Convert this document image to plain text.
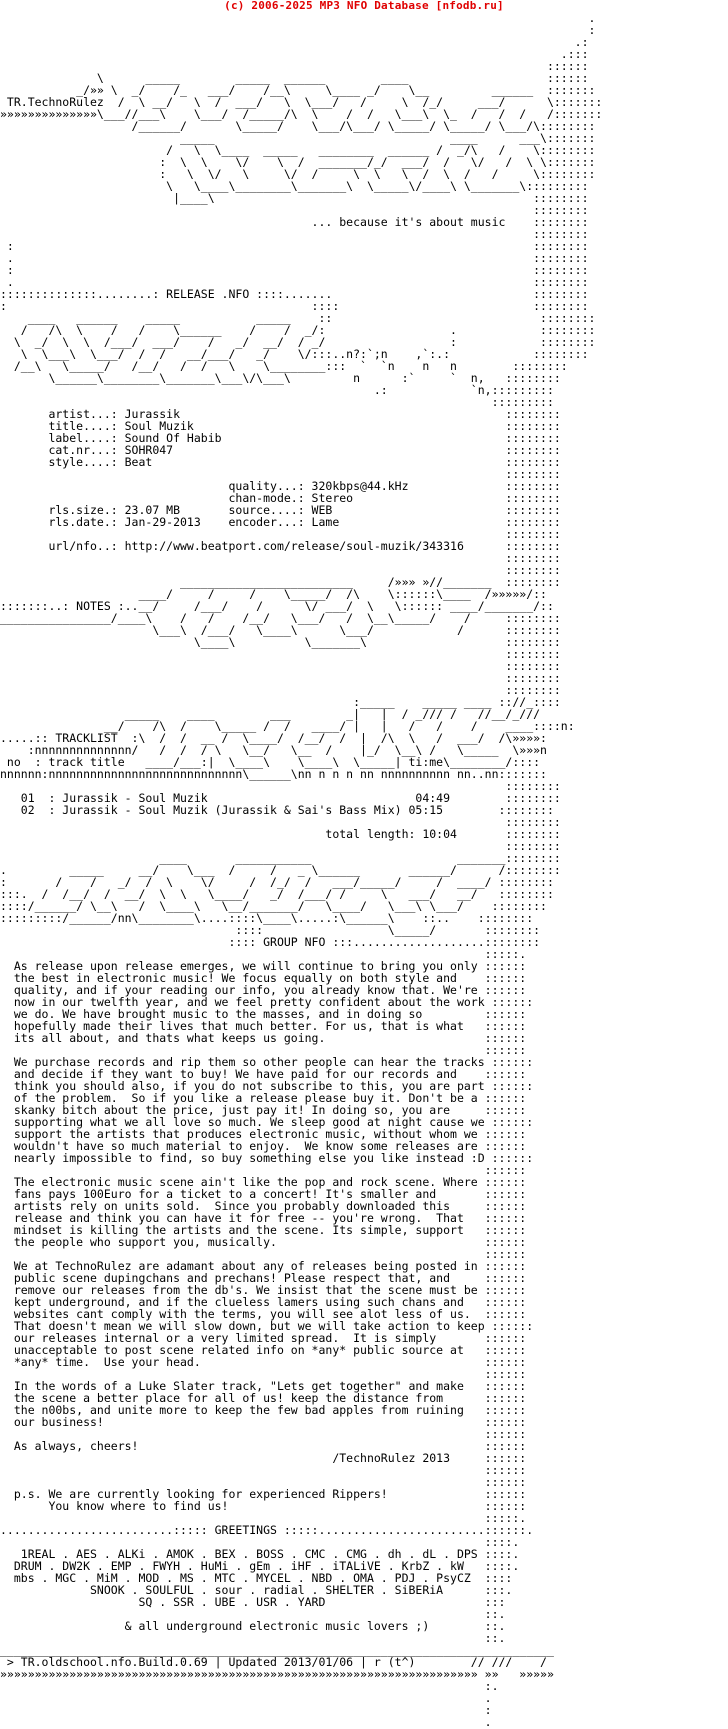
(c) 2006-2025 MP3 NFO Database [nfodb.ru]
.
:
.:
.:::
::::::
\      _____        _____  ______        ____                    ::::::
_/»» \  _/    /_   ___/    /__\     \____ _/    \__         ______  :::::::
TR.TechnoRulez  /  \ __/   \  /  ___/   \  \___/   /     \  /_/     ___/      \:::::::
»»»»»»»»»»»»»»\___//___\    \___/  /_____/\  \    /  /   \___\  \_  /   /  /   /:::::::
/______/       \_____/    \___/\___/ \_____/ \_____/ \___/\::::::::
_____                                  ____      ___\:::::::
/   \  \____  _____   ________  ______ /  _/\   /    \::::::::
:  \  \    \/    \  /  _______/_/  ___/  /   \/   /  \ \:::::::
:   \  \/   \     \/  /     \  \   \  /  \  /   /     \::::::::
\   \____\________\_______\  \_____\/____\ \_______\:::::::::
|____\                                              ::::::::
::::::::
... because it's about music    ::::::::
::::::::
:                                                                           ::::::::
.                                                                           ::::::::
:                                                                           ::::::::
.                                                                           ::::::::
::::::::::::::........: RELEASE .NFO ::::.......                             ::::::::
:                                            ::::                            ::::::::
____   ______    _____           _____    ::                              ::::::::
/   /\  \    /   /    \______    /    /  _/:                  .            ::::::::
\  _/  \  \  /___/  ___/    /   _/  __/  / _/                  :            ::::::::
\  \___\  \___/  /  /   __/___/   _/    \/:::..n?:`;n    ,`:.:            ::::::::
/__\   \_____/   /__/   /  /   \    \________:::  `  `n    n   n        ::::::::
\______\________\_______\___\/\___\         n      :`     `  n,   ::::::::
.:            `n,:::::::::
:::::::::
artist...: Jurassik                                               ::::::::
title....: Soul Muzik                                             ::::::::
label....: Sound Of Habib                                         ::::::::
cat.nr...: SOHR047                                                ::::::::
style....: Beat                                                   ::::::::
::::::::
quality...: 320kbps@44.kHz              ::::::::
chan-mode.: Stereo                      ::::::::
rls.size.: 23.07 MB       source....: WEB                         ::::::::
rls.date.: Jan-29-2013    encoder...: Lame                        ::::::::
::::::::
url/nfo..: http://www.beatport.com/release/soul-muzik/343316      ::::::::
::::::::
::::::::
_________________________     /»»» »//_______  ::::::::
____/     /     /    \_____/  /\    \::::::\____  /»»»»»/::
:::::::..: NOTES :..__/     /___/    /      \/ ___/  \   \:::::: ____/_______/::
________________/____\    /   /    /__/   \___/   /  \__\_____/    /     ::::::::
\___\  /___/   \____\      \___/            /      ::::::::
\____\          \_______\                    ::::::::
::::::::
::::::::
::::::::
::::::::
:_____    _____ ____ :://_::::
_____    ____        ___        _|   |  / _/// /   //__/_///
__/    /\  /    \_____ /  /   ____/ |   |   /   /    /    ____::::n:
.....:: TRACKLIST  :\  /  /  __ /  \____/  /__/  /  |  /\  \   /  ___/  /\»»»»:
:nnnnnnnnnnnnnn/   /  /  / \   \__/   \__  /    |_/  \__\ /   \_____  \»»»n
no  : track title   ____/___:|  \____\    \____\  \_____| ti:me\________/::::
nnnnnn:nnnnnnnnnnnnnnnnnnnnnnnnnnnn\______\nn n n n nn nnnnnnnnnn nn..nn:::::::
::::::::
01  : Jurassik - Soul Muzik                              04:49        ::::::::
02  : Jurassik - Soul Muzik (Jurassik & Sai's Bass Mix) 05:15        ::::::::
::::::::
total length: 10:04       ::::::::
::::::::
____       ___________                     _______::::::::
.         _____     __/    \___  /     /   _ \______       ______/      /::::::::
:       /    /   _/  /  \    \/     /  /_/  /   ___/_____/     /  ____/ ::::::::
:::.  /  /__/  /  __/  \  \   \____/   _/  /___/ /     \   ___/   __/   ::::::::
::::/______/ \__\   /  \____\   \__/_______/   \____/   \___\ \___/    ::::::::
:::::::::/______/nn\________\....::::\____\.....:\______\    ::..    ::::::::
::::                  \_____/       ::::::::
:::: GROUP NFO :::...................::::::::
:::::.
As release upon release emerges, we will continue to bring you only ::::::
the best in electronic music! We focus equally on both style and    ::::::
quality, and if your reading our info, you already know that. We're ::::::
now in our twelfth year, and we feel pretty confident about the work ::::::
we do. We have brought music to the masses, and in doing so         ::::::
hopefully made their lives that much better. For us, that is what   ::::::
its all about, and thats what keeps us going.                       ::::::
::::::
We purchase records and rip them so other people can hear the tracks ::::::
and decide if they want to buy! We have paid for our records and    ::::::
think you should also, if you do not subscribe to this, you are part ::::::
of the problem.  So if you like a release please buy it. Don't be a ::::::
skanky bitch about the price, just pay it! In doing so, you are     ::::::
supporting what we all love so much. We sleep good at night cause we ::::::
support the artists that produces electronic music, without whom we ::::::
wouldn't have so much material to enjoy.  We know some releases are ::::::
nearly impossible to find, so buy something else you like instead :D ::::::
::::::
The electronic music scene ain't like the pop and rock scene. Where ::::::
fans pays 100Euro for a ticket to a concert! It's smaller and       ::::::
artists rely on units sold.  Since you probably downloaded this     ::::::
release and think you can have it for free -- you're wrong.  That   ::::::
mindset is killing the artists and the scene. Its simple, support   ::::::
the people who support you, musically.                              ::::::
::::::
We at TechnoRulez are adamant about any of releases being posted in ::::::
public scene dupingchans and prechans! Please respect that, and     ::::::
remove our releases from the db's. We insist that the scene must be ::::::
kept underground, and if the clueless lamers using such chans and   ::::::
websites cant comply with the terms, you will see alot less of us.  ::::::
That doesn't mean we will slow down, but we will take action to keep ::::::
our releases internal or a very limited spread.  It is simply       ::::::
unacceptable to post scene related info on *any* public source at   ::::::
*any* time.  Use your head.                                         ::::::
::::::
In the words of a Luke Slater track, "Lets get together" and make   ::::::
the scene a better place for all of us! keep the distance from      ::::::
the n00bs, and unite more to keep the few bad apples from ruining   ::::::
our business!                                                       ::::::
::::::
As always, cheers!                                                  ::::::
/TechnoRulez 2013     ::::::
::::::
::::::
p.s. We are currently looking for experienced Rippers!              ::::::
You know where to find us!                                     ::::::
:::::.
.........................::::: GREETINGS :::::........................::::::.
::::.
1REAL . AES . ALKi . AMOK . BEX . BOSS . CMC . CMG . dh . dL . DPS ::::.
DRUM . DW2K . EMP . FWYH . HuMi . gEm . iHF . iTALiVE . KrbZ . kW   ::::.
mbs . MGC . MiM . MOD . MS . MTC . MYCEL . NBD . OMA . PDJ . PsyCZ  ::::
SNOOK . SOULFUL . sour . radial . SHELTER . SiBERiA      :::.
SQ . SSR . UBE . USR . YARD                       :::
::.
& all underground electronic music lovers ;)        ::.
::.
________________________________________________________________________________
> TR.oldschool.nfo.Build.0.69 | Updated 2013/01/06 | r (t^)        // ///    /
»»»»»»»»»»»»»»»»»»»»»»»»»»»»»»»»»»»»»»»»»»»»»»»»»»»»»»»»»»»»»»»»»»»»» »»   »»»»»
:.
.
:
.
